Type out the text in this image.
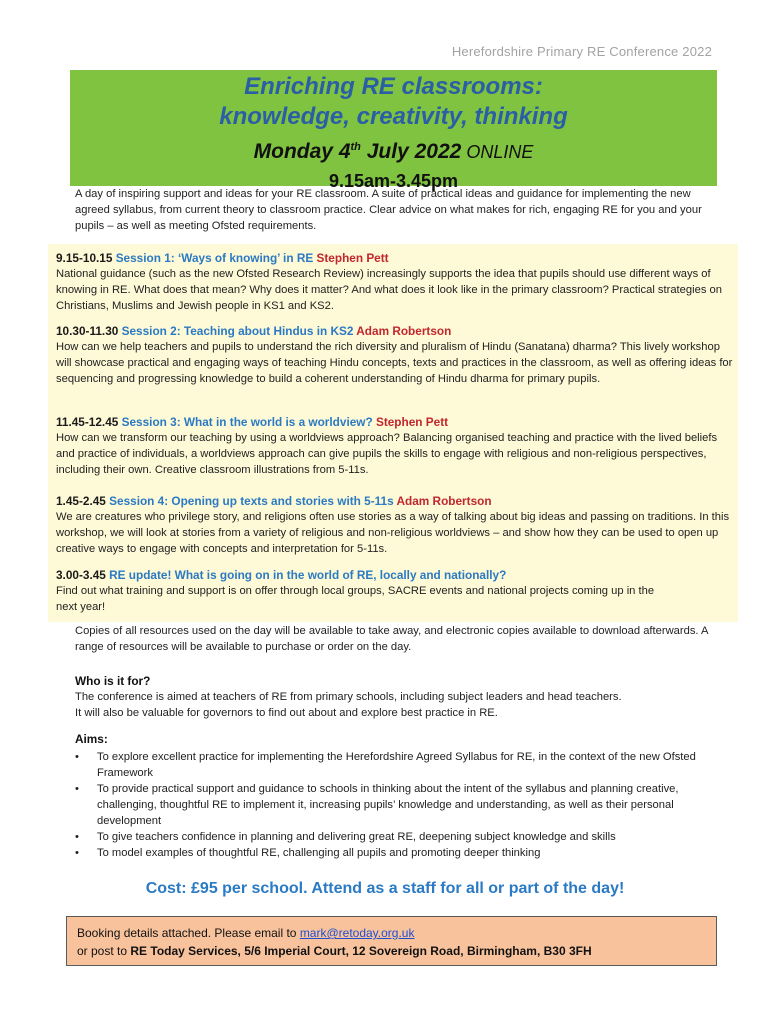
Herefordshire Primary RE Conference 2022
Enriching RE classrooms:
knowledge, creativity, thinking
Monday 4th July 2022 ONLINE
9.15am-3.45pm
A day of inspiring support and ideas for your RE classroom. A suite of practical ideas and guidance for implementing the new agreed syllabus, from current theory to classroom practice. Clear advice on what makes for rich, engaging RE for you and your pupils – as well as meeting Ofsted requirements.
9.15-10.15 Session 1: ‘Ways of knowing’ in RE Stephen Pett
National guidance (such as the new Ofsted Research Review) increasingly supports the idea that pupils should use different ways of knowing in RE. What does that mean? Why does it matter? And what does it look like in the primary classroom? Practical strategies on Christians, Muslims and Jewish people in KS1 and KS2.
10.30-11.30 Session 2: Teaching about Hindus in KS2 Adam Robertson
How can we help teachers and pupils to understand the rich diversity and pluralism of Hindu (Sanatana) dharma? This lively workshop will showcase practical and engaging ways of teaching Hindu concepts, texts and practices in the classroom, as well as offering ideas for sequencing and progressing knowledge to build a coherent understanding of Hindu dharma for primary pupils.
11.45-12.45 Session 3: What in the world is a worldview? Stephen Pett
How can we transform our teaching by using a worldviews approach? Balancing organised teaching and practice with the lived beliefs and practice of individuals, a worldviews approach can give pupils the skills to engage with religious and non-religious perspectives, including their own. Creative classroom illustrations from 5-11s.
1.45-2.45 Session 4: Opening up texts and stories with 5-11s Adam Robertson
We are creatures who privilege story, and religions often use stories as a way of talking about big ideas and passing on traditions. In this workshop, we will look at stories from a variety of religious and non-religious worldviews – and show how they can be used to open up creative ways to engage with concepts and interpretation for 5-11s.
3.00-3.45 RE update! What is going on in the world of RE, locally and nationally?
Find out what training and support is on offer through local groups, SACRE events and national projects coming up in the next year!
Copies of all resources used on the day will be available to take away, and electronic copies available to download afterwards. A range of resources will be available to purchase or order on the day.
Who is it for?
The conference is aimed at teachers of RE from primary schools, including subject leaders and head teachers.
It will also be valuable for governors to find out about and explore best practice in RE.
Aims:
• To explore excellent practice for implementing the Herefordshire Agreed Syllabus for RE, in the context of the new Ofsted Framework
• To provide practical support and guidance to schools in thinking about the intent of the syllabus and planning creative, challenging, thoughtful RE to implement it, increasing pupils’ knowledge and understanding, as well as their personal development
• To give teachers confidence in planning and delivering great RE, deepening subject knowledge and skills
• To model examples of thoughtful RE, challenging all pupils and promoting deeper thinking
Cost: £95 per school. Attend as a staff for all or part of the day!
Booking details attached. Please email to mark@retoday.org.uk
or post to RE Today Services, 5/6 Imperial Court, 12 Sovereign Road, Birmingham, B30 3FH
